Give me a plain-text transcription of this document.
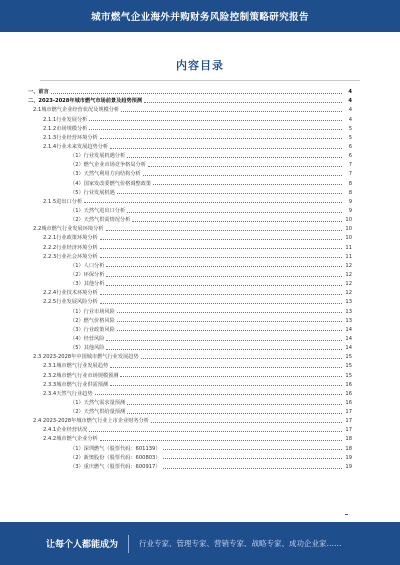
城市燃气企业海外并购财务风险控制策略研究报告
内容目录
一、前言	4
二、2023-2028年城市燃气市场前景及趋势预测	4
2.1城市燃气企业经营状况及规模分析	4
2.1.1行业发展分析	4
2.1.2市场规模分析	5
2.1.3行业经营环境分析	5
2.1.4行业未来发展趋势分析	6
（1）行业发展机遇分析	6
（2）燃气企业市场竞争格局分析	7
（3）天然气利用方向结构分析	7
（4）国家发改委燃气价格调整政策	8
（5）行业发展机遇	8
2.1.5进出口分析	9
（1）天然气进出口分析	9
（2）天然气供需情况分析	10
2.2城市燃气行业发展环境分析	10
2.2.1行业政策环境分析	10
2.2.2行业经济环境分析	11
2.2.3行业社会环境分析	11
（1）人口分析	12
（2）环保分析	12
（3）其他分析	12
2.2.4行业技术环境分析	12
2.2.5行业发展风险分析	13
（1）行业市场风险	13
（2）燃气价格风险	13
（3）行业政策风险	14
（4）经营风险	14
（5）其他风险	14
2.3 2023-2028年中国城市燃气行业发展趋势	15
2.3.1城市燃气行业发展趋势	15
2.3.2城市燃气行业市场规模预测	15
2.3.3城市燃气行业供需预测	16
2.3.4天然气行业趋势	16
（1）天然气需求量预测	16
（2）天然气供给量预测	17
2.4 2023-2028年城市燃气行业上市企业财务分析	17
2.4.1企业经营状况	17
2.4.2城市燃气企业分析	18
（1）深圳燃气（股票代码：601139）	18
（2）新奥股份（股票代码：600803）	19
（3）重庆燃气（股票代码：600917）	19
让每个人都能成为	行业专家、管理专家、营销专家、战略专家、成功企业家……
